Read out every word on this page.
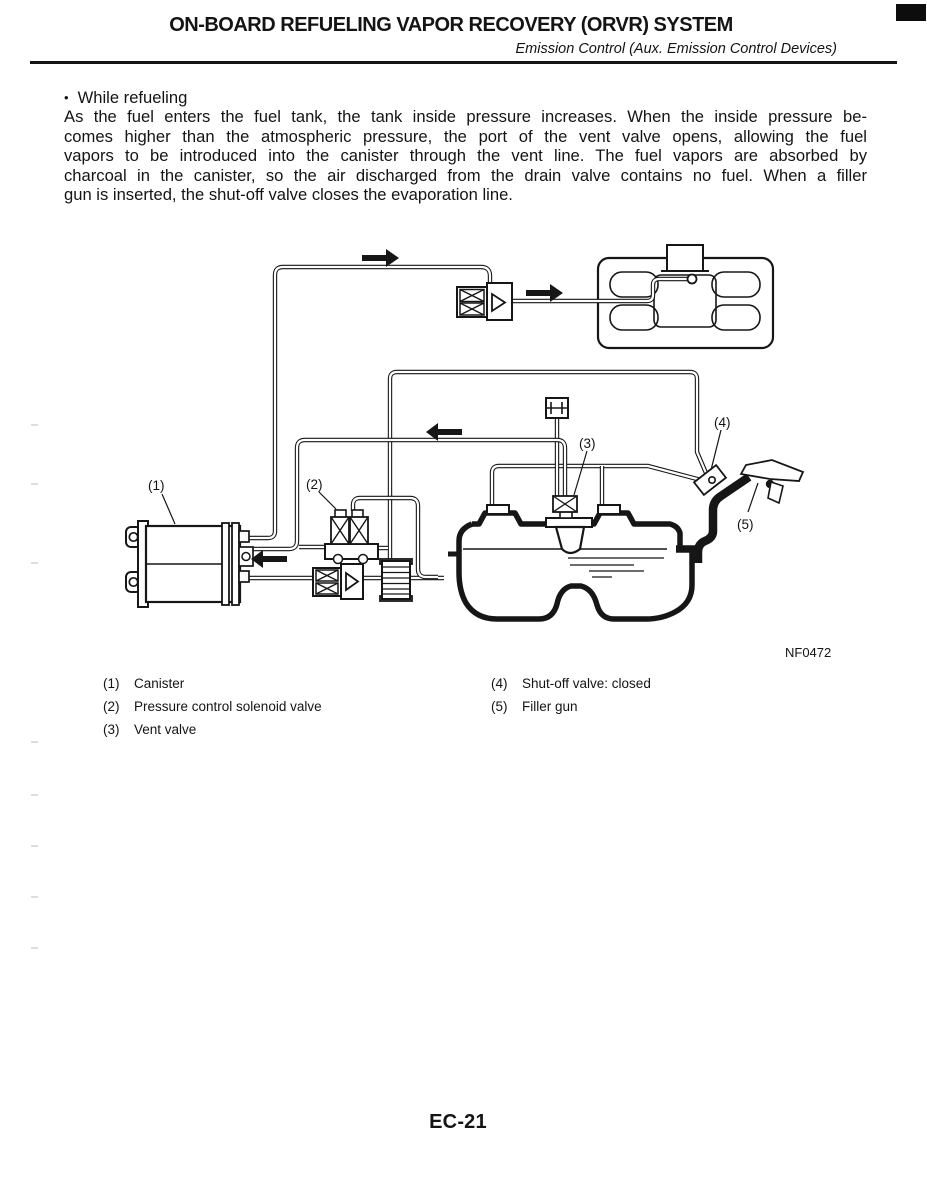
ON-BOARD REFUELING VAPOR RECOVERY (ORVR) SYSTEM
Emission Control (Aux. Emission Control Devices)
• While refueling
As the fuel enters the fuel tank, the tank inside pressure increases. When the inside pressure be-
comes higher than the atmospheric pressure, the port of the vent valve opens, allowing the fuel
vapors to be introduced into the canister through the vent line. The fuel vapors are absorbed by
charcoal in the canister, so the air discharged from the drain valve contains no fuel. When a filler
gun is inserted, the shut-off valve closes the evaporation line.
(1)	(2)
(3)
(4)
(5)
NF0472
(1) Canister
(2) Pressure control solenoid valve
(3) Vent valve
(4) Shut-off valve: closed
(5) Filler gun
EC-21
